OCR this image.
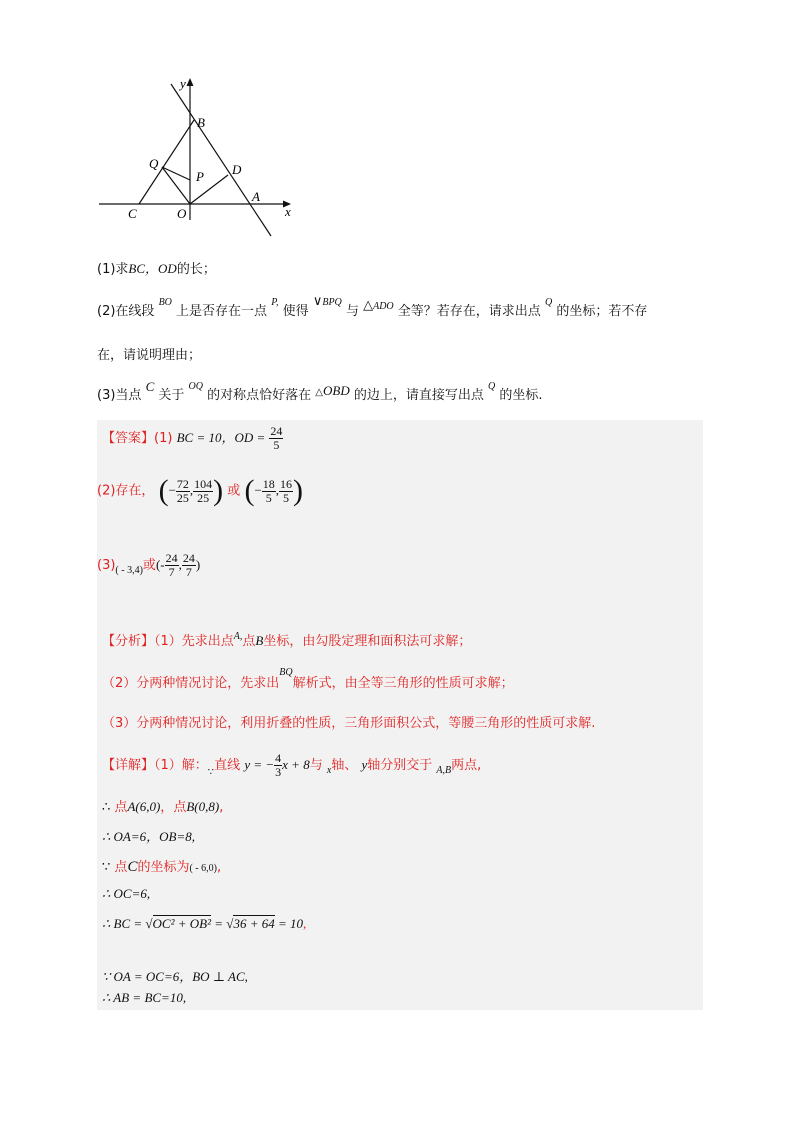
y
x
B
Q
P D
A
C	O
(1)求BC，OD的长；
(2)在线段 $^{BO}$ 上是否存在一点 $^{P,}$ 使得 ∨BPQ 与 △ADO 全等？若存在，请求出点 $^Q$ 的坐标；若不存
在，请说明理由；
(3)当点 C 关于 $^{OQ}$ 的对称点恰好落在 △OBD 的边上，请直接写出点 $^Q$ 的坐标.
【答案】(1) BC = 10，OD = $\frac{24}{5}$
(2)存在， (− $\frac{72}{25}$ , $\frac{104}{25}$ ) 或 (− $\frac{18}{5}$ , $\frac{16}{5}$ )
$(3)_{( - 3,4)}$或(- $\frac{24}{7}$ , $\frac{24}{7}$ )
【分析】（1）先求出点$^{A,}$点B坐标，由勾股定理和面积法可求解；
（2）分两种情况讨论，先求出$^{BQ}$解析式，由全等三角形的性质可求解；
（3）分两种情况讨论，利用折叠的性质，三角形面积公式，等腰三角形的性质可求解.
【详解】（1）解：$_\because$直线 y = − $\frac{4}{3}$ x + 8与 $_x$轴、 y轴分别交于 $_{A,B}$两点,
∴ 点A(6,0)，点B(0,8),
∴ OA=6，OB=8,
∵ 点C的坐标为( - 6,0),
∴ OC=6,
∴ BC = √OC² + OB² = √36 + 64 = 10,
∵ OA = OC=6，BO ⊥ AC,
∴ AB = BC=10,
